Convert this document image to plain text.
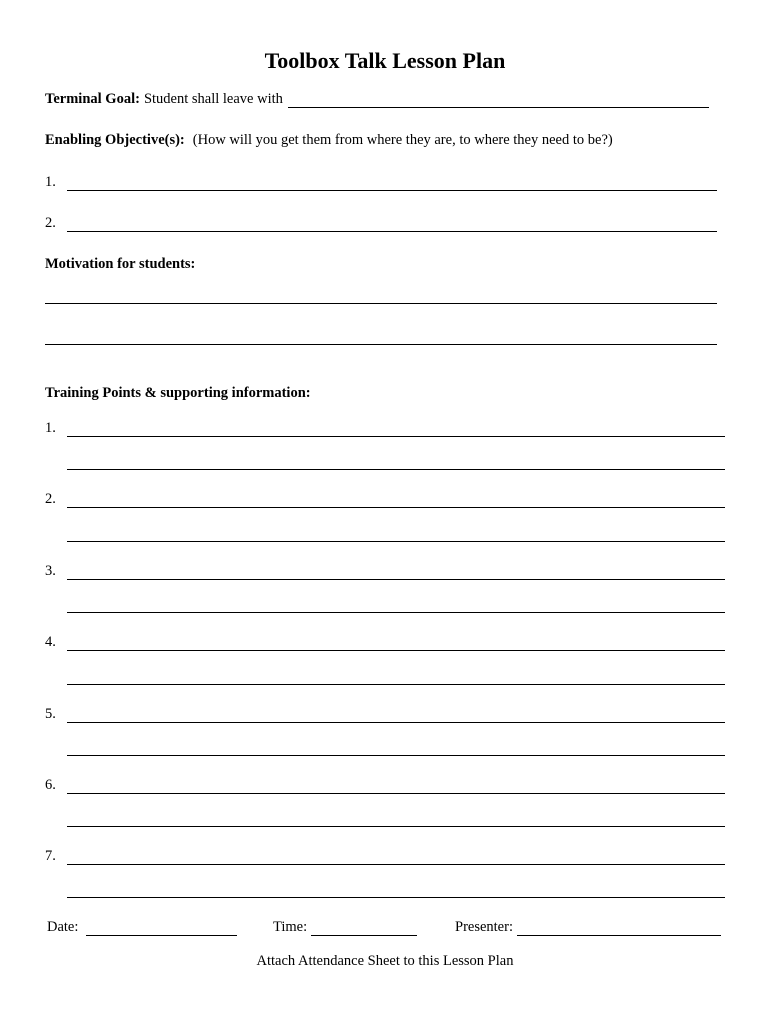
Toolbox Talk Lesson Plan
Terminal Goal: Student shall leave with
Enabling Objective(s): (How will you get them from where they are, to where they need to be?)
1.
2.
Motivation for students:
Training Points & supporting information:
1.
2.
3.
4.
5.
6.
7.
Date:	Time:	Presenter:
Attach Attendance Sheet to this Lesson Plan
